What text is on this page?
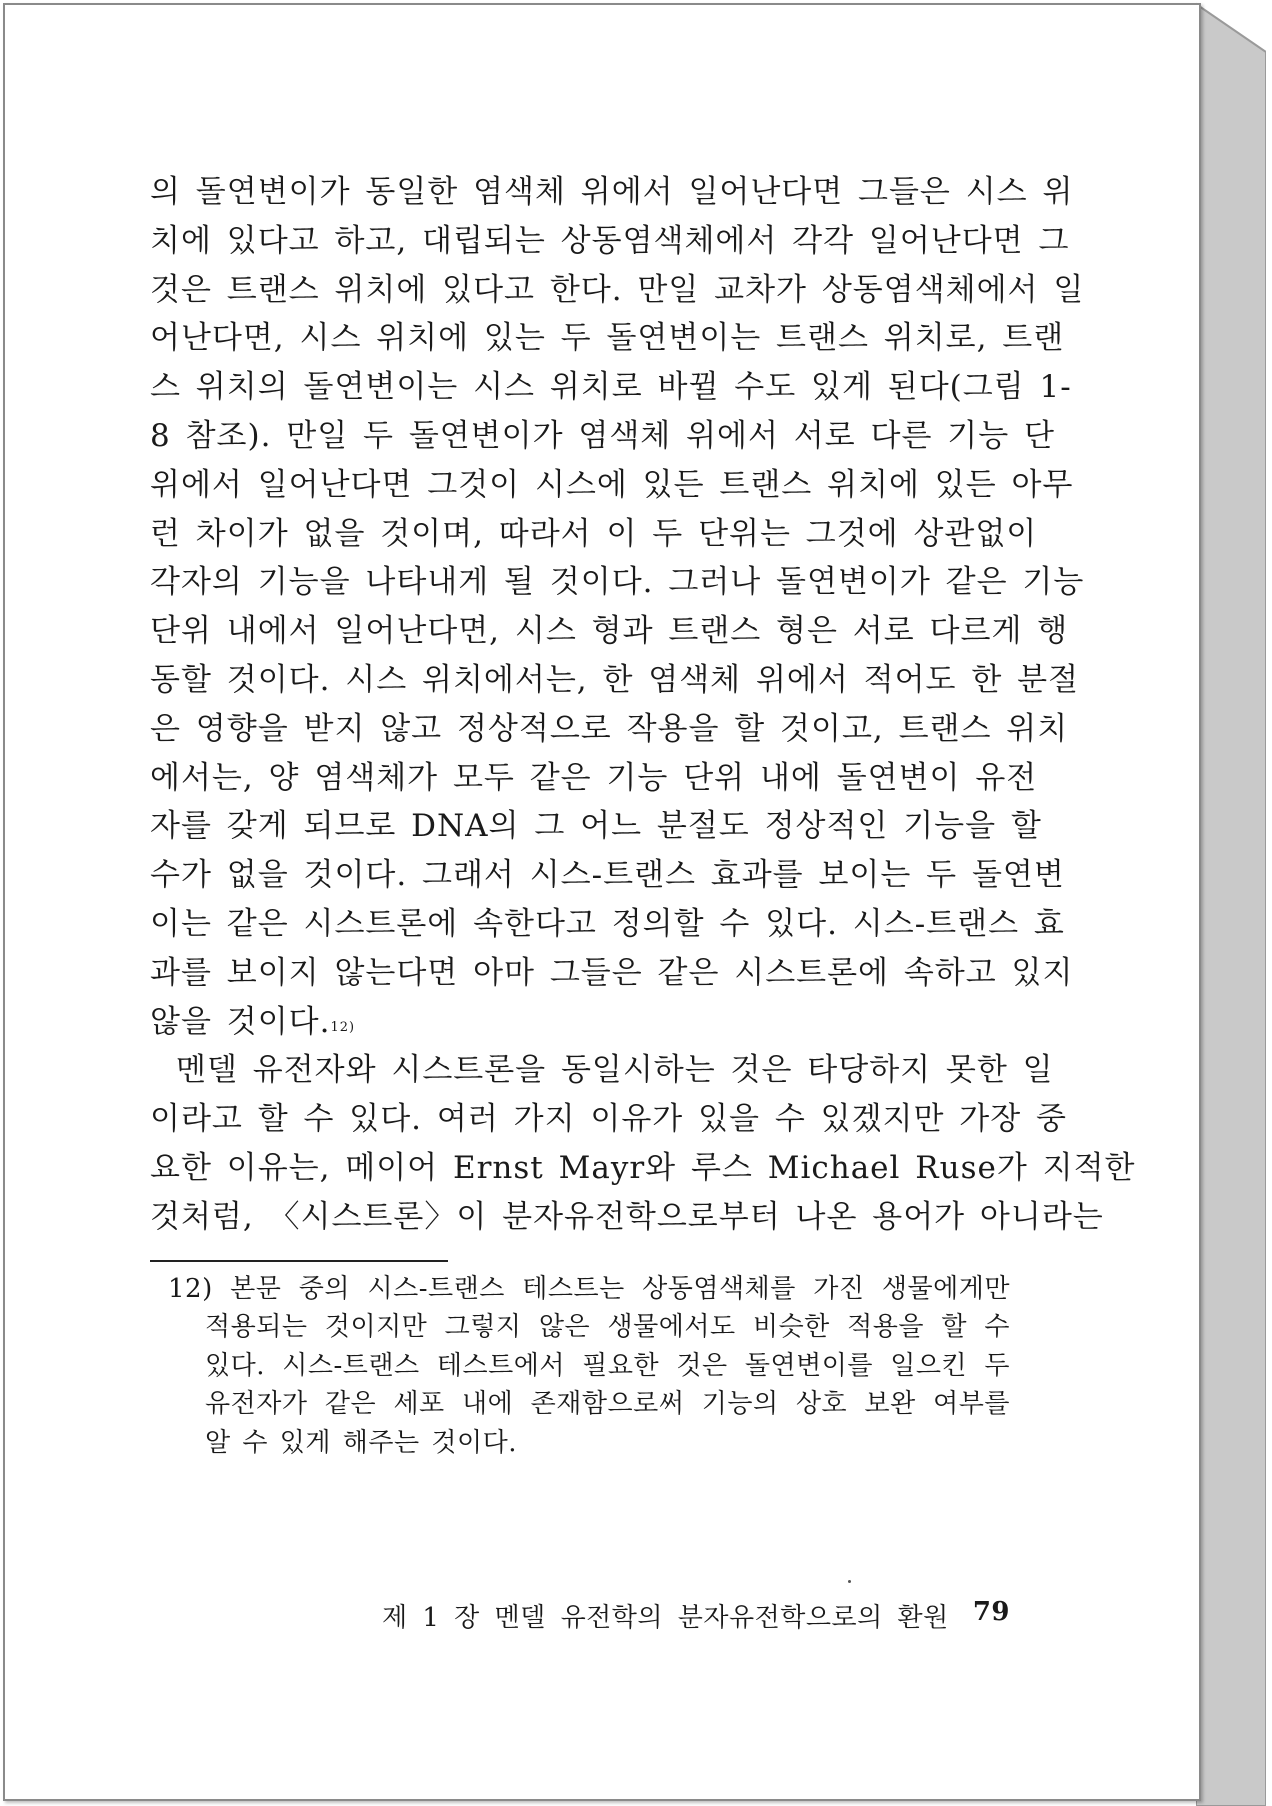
의 돌연변이가 동일한 염색체 위에서 일어난다면 그들은 시스 위
치에 있다고 하고, 대립되는 상동염색체에서 각각 일어난다면 그
것은 트랜스 위치에 있다고 한다. 만일 교차가 상동염색체에서 일
어난다면, 시스 위치에 있는 두 돌연변이는 트랜스 위치로, 트랜
스 위치의 돌연변이는 시스 위치로 바뀔 수도 있게 된다(그림 1-
8 참조). 만일 두 돌연변이가 염색체 위에서 서로 다른 기능 단
위에서 일어난다면 그것이 시스에 있든 트랜스 위치에 있든 아무
런 차이가 없을 것이며, 따라서 이 두 단위는 그것에 상관없이
각자의 기능을 나타내게 될 것이다. 그러나 돌연변이가 같은 기능
단위 내에서 일어난다면, 시스 형과 트랜스 형은 서로 다르게 행
동할 것이다. 시스 위치에서는, 한 염색체 위에서 적어도 한 분절
은 영향을 받지 않고 정상적으로 작용을 할 것이고, 트랜스 위치
에서는, 양 염색체가 모두 같은 기능 단위 내에 돌연변이 유전
자를 갖게 되므로 DNA의 그 어느 분절도 정상적인 기능을 할
수가 없을 것이다. 그래서 시스-트랜스 효과를 보이는 두 돌연변
이는 같은 시스트론에 속한다고 정의할 수 있다. 시스-트랜스 효
과를 보이지 않는다면 아마 그들은 같은 시스트론에 속하고 있지
않을 것이다.$^{12)}$
멘델 유전자와 시스트론을 동일시하는 것은 타당하지 못한 일
이라고 할 수 있다. 여러 가지 이유가 있을 수 있겠지만 가장 중
요한 이유는, 메이어 Ernst Mayr와 루스 Michael Ruse가 지적한
것처럼, 〈시스트론〉이 분자유전학으로부터 나온 용어가 아니라는
12) 본문 중의 시스-트랜스 테스트는 상동염색체를 가진 생물에게만
적용되는 것이지만 그렇지 않은 생물에서도 비슷한 적용을 할 수
있다. 시스-트랜스 테스트에서 필요한 것은 돌연변이를 일으킨 두
유전자가 같은 세포 내에 존재함으로써 기능의 상호 보완 여부를
알 수 있게 해주는 것이다.
제 1 장 멘델 유전학의 분자유전학으로의 환원 79
